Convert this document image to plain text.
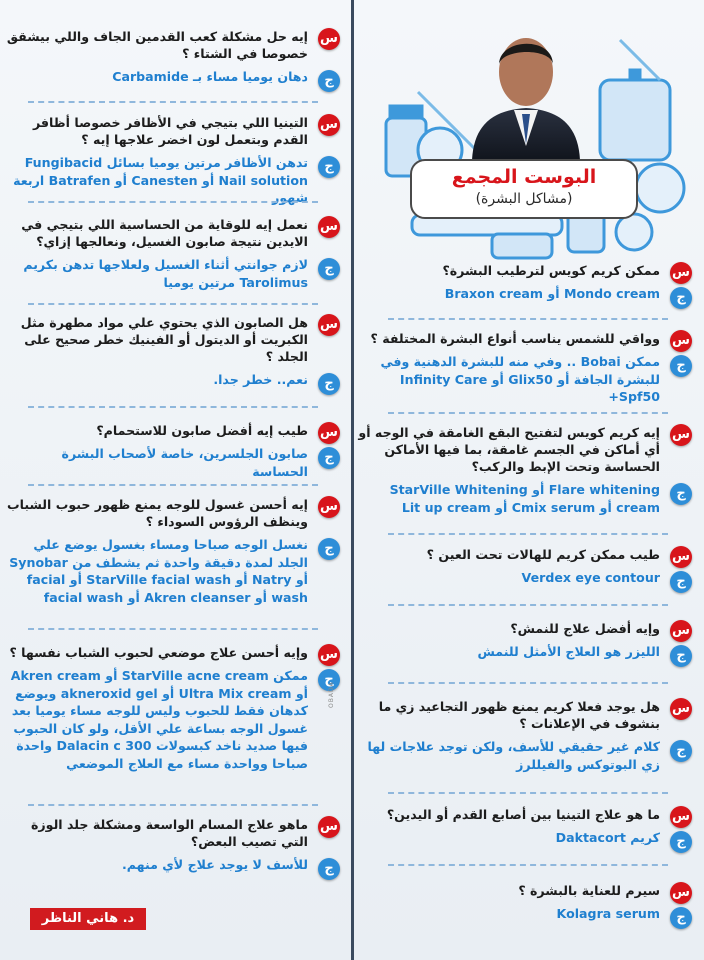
البوست المجمع
(مشاكل البشرة)
س
ممكن كريم كويس لترطيب البشرة؟
ج
Mondo cream أو Braxon cream
س
وواقي للشمس يناسب أنواع البشرة المختلفة ؟
ج
ممكن Bobai .. وفي منه للبشرة الدهنية وفي للبشرة الجافة أو Glix50 أو Infinity Care Spf50+
س
إيه كريم كويس لتفتيح البقع الغامقة في الوجه أو أي أماكن في الجسم غامقة، بما فيها الأماكن الحساسة وتحت الإبط والركب؟
ج
Flare whitening أو StarVille Whitening cream أو Cmix serum أو Lit up cream
س
طيب ممكن كريم للهالات تحت العين ؟
ج
Verdex eye contour
س
وإيه أفضل علاج للنمش؟
ج
الليزر هو العلاج الأمثل للنمش
س
هل يوجد فعلا كريم يمنع ظهور التجاعيد زي ما بنشوف في الإعلانات ؟
ج
كلام غير حقيقي للأسف، ولكن توجد علاجات لها زي البوتوكس والفيللرز
س
ما هو علاج التينيا بين أصابع القدم أو اليدين؟
ج
كريم Daktacort
س
سيرم للعناية بالبشرة ؟
ج
Kolagra serum
س
إيه حل مشكلة كعب القدمين الجاف واللي بيشقق خصوصا في الشتاء ؟
ج
دهان يوميا مساء بـ Carbamide
س
التينيا اللي بتيجي في الأظافر خصوصا أظافر القدم وبتعمل لون اخضر علاجها إيه ؟
ج
تدهن الأظافر مرتين يوميا بسائل Fungibacid Nail solution أو Canesten أو Batrafen اربعة شهور
س
نعمل إيه للوقاية من الحساسية اللي بتيجي في الايدين نتيجة صابون الغسيل، ونعالجها إزاي؟
ج
لازم جوانتي أثناء الغسيل ولعلاجها تدهن بكريم Tarolimus مرتين يوميا
س
هل الصابون الذي يحتوي علي مواد مطهرة مثل الكبريت أو الديتول أو الفينيك خطر صحيح على الجلد ؟
ج
نعم.. خطر جدا.
س
طيب إيه أفضل صابون للاستحمام؟
ج
صابون الجلسرين، خاصة لأصحاب البشرة الحساسة
س
إيه أحسن غسول للوجه يمنع ظهور حبوب الشباب وينظف الرؤوس السوداء ؟
ج
نغسل الوجه صباحا ومساء بغسول يوضع علي الجلد لمدة دقيقة واحدة ثم يشطف من Synobar أو Natry أو StarVille facial wash أو facial wash أو Akren cleanser أو facial wash
س
وإيه أحسن علاج موضعي لحبوب الشباب نفسها ؟
ج
ممكن StarVille acne cream أو Akren cream أو Ultra Mix cream أو akneroxid gel ويوضع كدهان فقط للحبوب وليس للوجه مساء يوميا بعد غسول الوجه بساعة علي الأقل، ولو كان الحبوب فيها صديد ناخد كبسولات Dalacin c 300 واحدة صباحا وواحدة مساء مع العلاج الموضعي
س
ماهو علاج المسام الواسعة ومشكلة جلد الوزة التي تصيب البعض؟
ج
للأسف لا يوجد علاج لأي منهم.
OBADA
د. هاني الناظر
